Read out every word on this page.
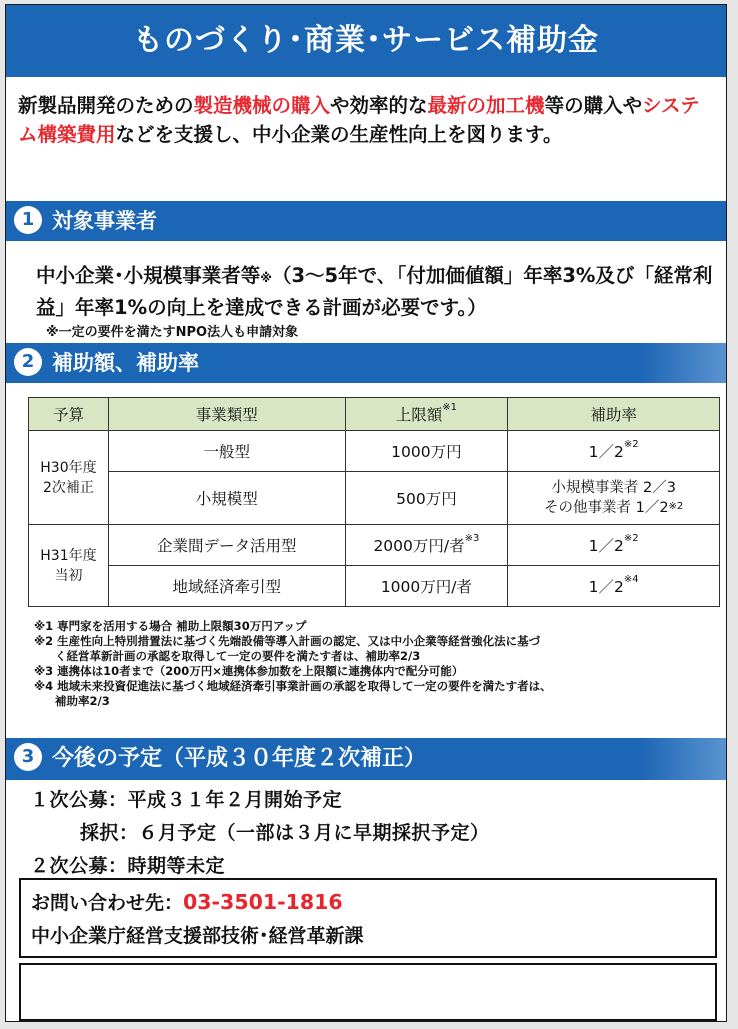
ものづくり･商業･サービス補助金
新製品開発のための製造機械の購入や効率的な最新の加工機等の購入やシステム構築費用などを支援し、中小企業の生産性向上を図ります。
1 対象事業者
中小企業･小規模事業者等※（3～5年で､「付加価値額」年率3%及び「経常利益」年率1%の向上を達成できる計画が必要です。）
※一定の要件を満たすNPO法人も申請対象
2 補助額、補助率
予算	事業類型	上限額$^{※1}$	補助率
H30年度
2次補正	一般型	1000万円	1／2$^{※2}$
	小規模型	500万円	小規模事業者 2／3
その他事業者 1／2$^{※2}$

H31年度
当初	企業間データ活用型	2000万円/者$^{※3}$	1／2$^{※2}$
	地域経済牽引型	1000万円/者	1／2$^{※4}$
※1 専門家を活用する場合 補助上限額30万円アップ
※2 生産性向上特別措置法に基づく先端設備等導入計画の認定、又は中小企業等経営強化法に基づ
く経営革新計画の承認を取得して一定の要件を満たす者は、補助率2/3
※3 連携体は10者まで（200万円×連携体参加数を上限額に連携体内で配分可能）
※4 地域未来投資促進法に基づく地域経済牽引事業計画の承認を取得して一定の要件を満たす者は、
補助率2/3
3 今後の予定（平成３０年度２次補正）
１次公募：平成３１年２月開始予定
採択：６月予定（一部は３月に早期採択予定）
２次公募：時期等未定
お問い合わせ先：03-3501-1816
中小企業庁経営支援部技術･経営革新課
